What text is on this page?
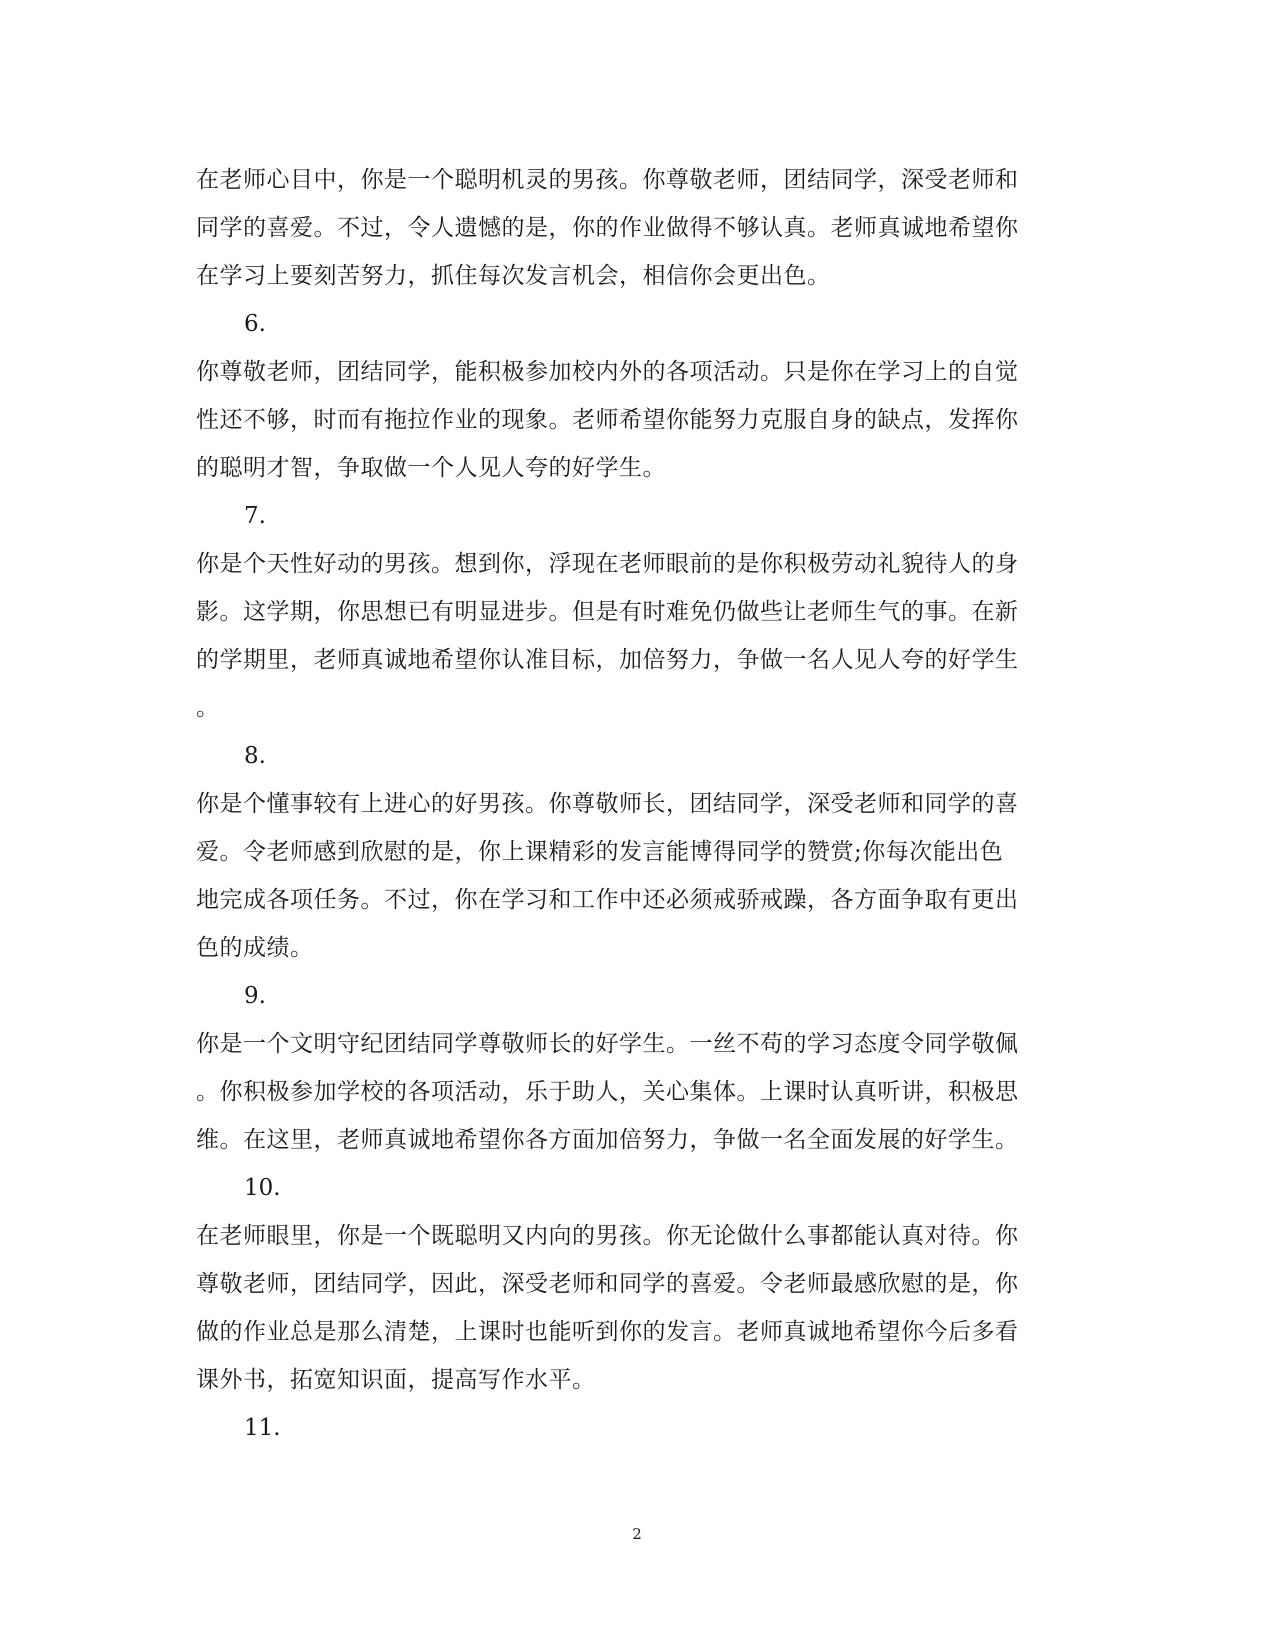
在老师心目中，你是一个聪明机灵的男孩。你尊敬老师，团结同学，深受老师和
同学的喜爱。不过，令人遗憾的是，你的作业做得不够认真。老师真诚地希望你
在学习上要刻苦努力，抓住每次发言机会，相信你会更出色。
6.
你尊敬老师，团结同学，能积极参加校内外的各项活动。只是你在学习上的自觉
性还不够，时而有拖拉作业的现象。老师希望你能努力克服自身的缺点，发挥你
的聪明才智，争取做一个人见人夸的好学生。
7.
你是个天性好动的男孩。想到你，浮现在老师眼前的是你积极劳动礼貌待人的身
影。这学期，你思想已有明显进步。但是有时难免仍做些让老师生气的事。在新
的学期里，老师真诚地希望你认准目标，加倍努力，争做一名人见人夸的好学生
。
8.
你是个懂事较有上进心的好男孩。你尊敬师长，团结同学，深受老师和同学的喜
爱。令老师感到欣慰的是，你上课精彩的发言能博得同学的赞赏;你每次能出色
地完成各项任务。不过，你在学习和工作中还必须戒骄戒躁，各方面争取有更出
色的成绩。
9.
你是一个文明守纪团结同学尊敬师长的好学生。一丝不苟的学习态度令同学敬佩
。你积极参加学校的各项活动，乐于助人，关心集体。上课时认真听讲，积极思
维。在这里，老师真诚地希望你各方面加倍努力，争做一名全面发展的好学生。
10.
在老师眼里，你是一个既聪明又内向的男孩。你无论做什么事都能认真对待。你
尊敬老师，团结同学，因此，深受老师和同学的喜爱。令老师最感欣慰的是，你
做的作业总是那么清楚，上课时也能听到你的发言。老师真诚地希望你今后多看
课外书，拓宽知识面，提高写作水平。
11.
2
